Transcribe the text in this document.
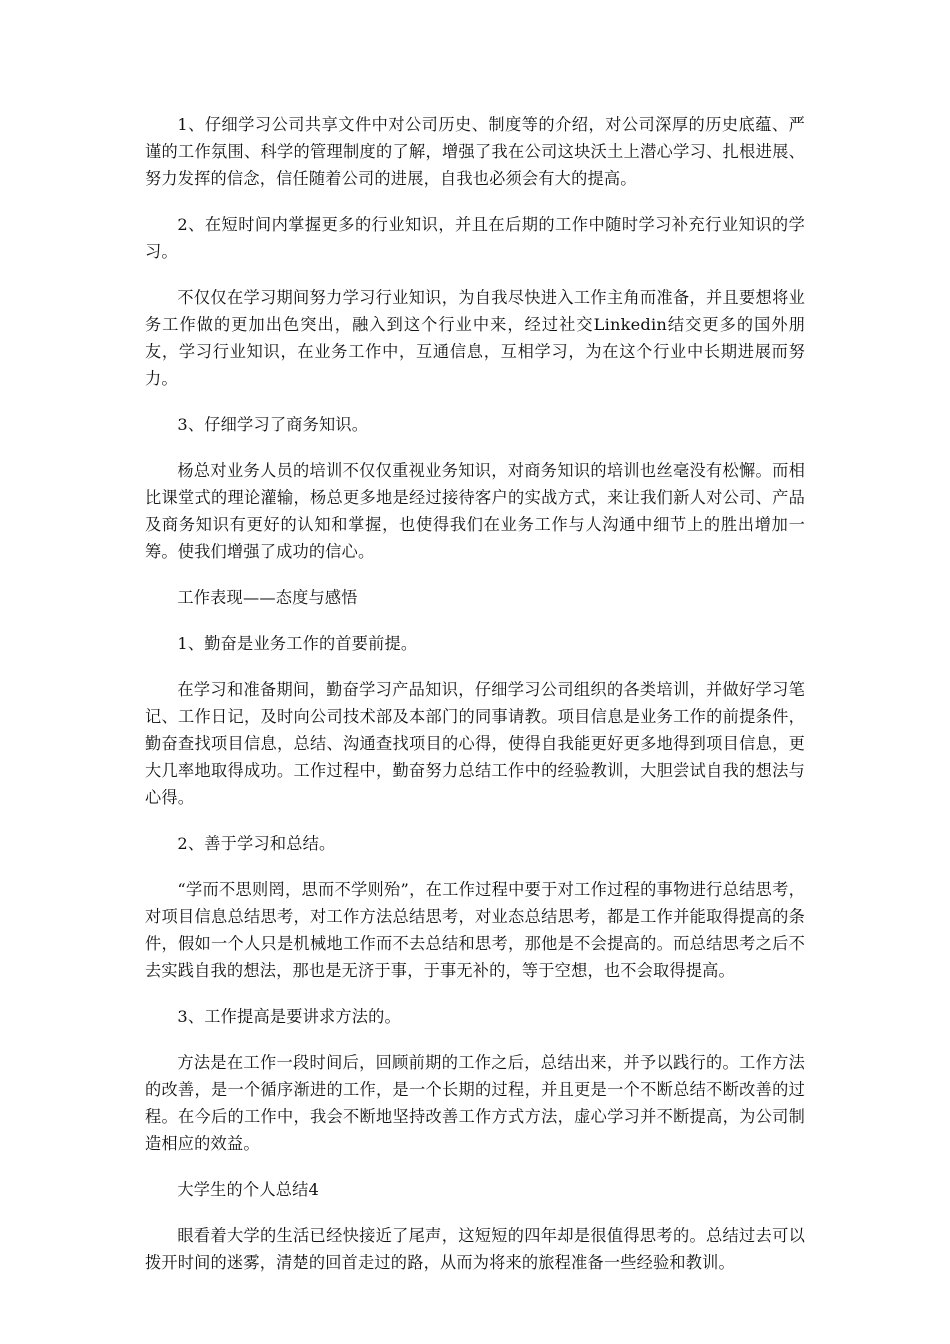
1、仔细学习公司共享文件中对公司历史、制度等的介绍，对公司深厚的历史底蕴、严谨的工作氛围、科学的管理制度的了解，增强了我在公司这块沃土上潜心学习、扎根进展、努力发挥的信念，信任随着公司的进展，自我也必须会有大的提高。

2、在短时间内掌握更多的行业知识，并且在后期的工作中随时学习补充行业知识的学习。

不仅仅在学习期间努力学习行业知识，为自我尽快进入工作主角而准备，并且要想将业务工作做的更加出色突出，融入到这个行业中来，经过社交Linkedin结交更多的国外朋友，学习行业知识，在业务工作中，互通信息，互相学习，为在这个行业中长期进展而努力。

3、仔细学习了商务知识。

杨总对业务人员的培训不仅仅重视业务知识，对商务知识的培训也丝毫没有松懈。而相比课堂式的理论灌输，杨总更多地是经过接待客户的实战方式，来让我们新人对公司、产品及商务知识有更好的认知和掌握，也使得我们在业务工作与人沟通中细节上的胜出增加一筹。使我们增强了成功的信心。

工作表现——态度与感悟

1、勤奋是业务工作的首要前提。

在学习和准备期间，勤奋学习产品知识，仔细学习公司组织的各类培训，并做好学习笔记、工作日记，及时向公司技术部及本部门的同事请教。项目信息是业务工作的前提条件，勤奋查找项目信息，总结、沟通查找项目的心得，使得自我能更好更多地得到项目信息，更大几率地取得成功。工作过程中，勤奋努力总结工作中的经验教训，大胆尝试自我的想法与心得。

2、善于学习和总结。

“学而不思则罔，思而不学则殆”，在工作过程中要于对工作过程的事物进行总结思考，对项目信息总结思考，对工作方法总结思考，对业态总结思考，都是工作并能取得提高的条件，假如一个人只是机械地工作而不去总结和思考，那他是不会提高的。而总结思考之后不去实践自我的想法，那也是无济于事，于事无补的，等于空想，也不会取得提高。

3、工作提高是要讲求方法的。

方法是在工作一段时间后，回顾前期的工作之后，总结出来，并予以践行的。工作方法的改善，是一个循序渐进的工作，是一个长期的过程，并且更是一个不断总结不断改善的过程。在今后的工作中，我会不断地坚持改善工作方式方法，虚心学习并不断提高，为公司制造相应的效益。

大学生的个人总结4

眼看着大学的生活已经快接近了尾声，这短短的四年却是很值得思考的。总结过去可以拨开时间的迷雾，清楚的回首走过的路，从而为将来的旅程准备一些经验和教训。
